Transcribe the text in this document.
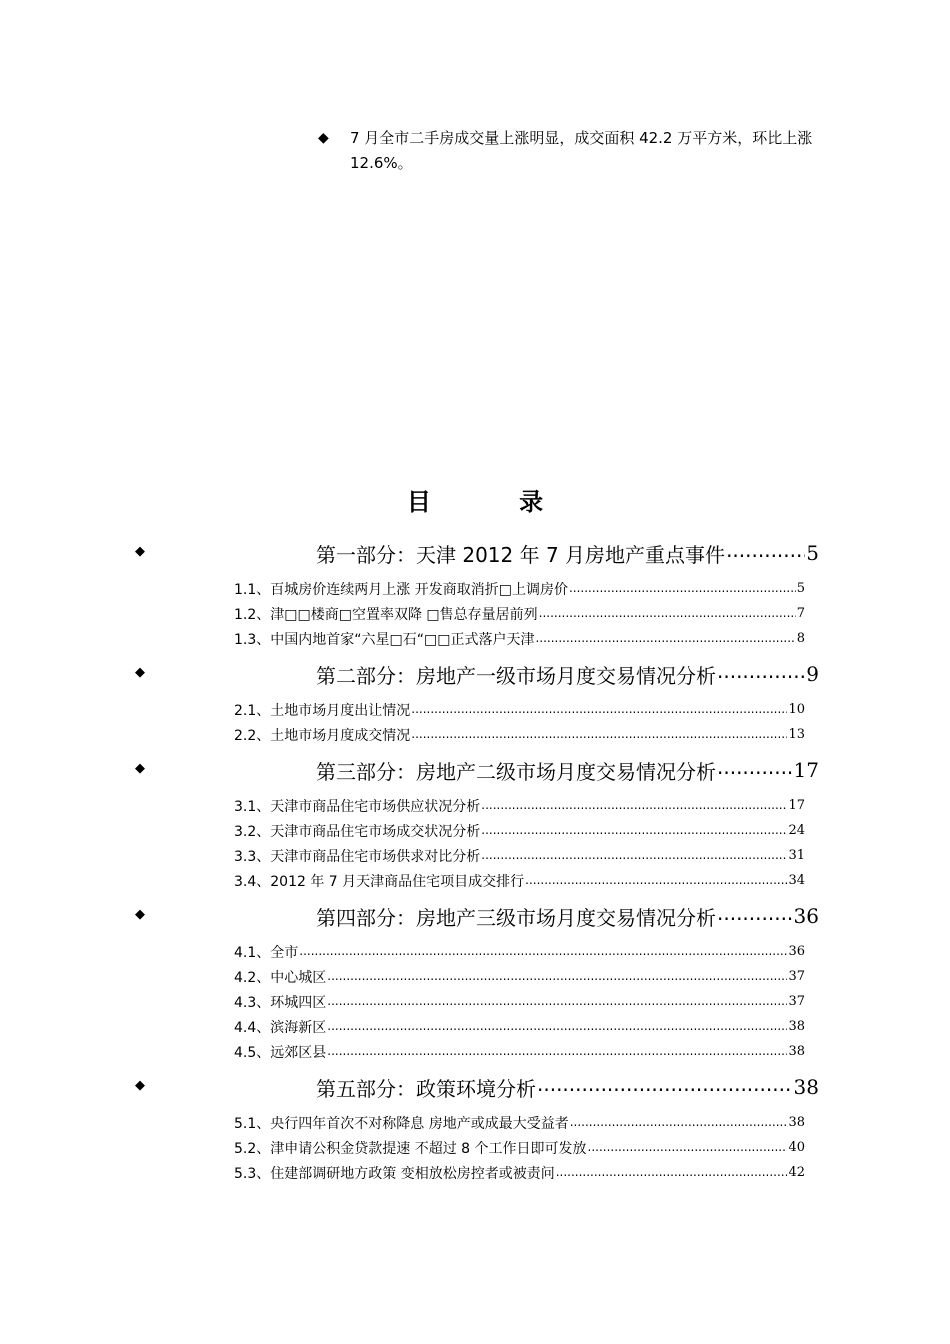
◆ 7 月全市二手房成交量上涨明显，成交面积 42.2 万平方米，环比上涨 12.6%。
目 录
◆	第一部分：天津 2012 年 7 月房地产重点事件 .....	5
1.1、百城房价连续两月上涨 开发商取消折□上调房价 .....	5
1.2、津□□楼商□空置率双降 □售总存量居前列 .....	7
1.3、中国内地首家“六星□石“□□正式落户天津 .....	8
◆	第二部分：房地产一级市场月度交易情况分析 .....	9
2.1、土地市场月度出让情况 .....	10
2.2、土地市场月度成交情况 .....	13
◆	第三部分：房地产二级市场月度交易情况分析 .....	17
3.1、天津市商品住宅市场供应状况分析 .....	17
3.2、天津市商品住宅市场成交状况分析 .....	24
3.3、天津市商品住宅市场供求对比分析 .....	31
3.4、2012 年 7 月天津商品住宅项目成交排行 .....	34
◆	第四部分：房地产三级市场月度交易情况分析 .....	36
4.1、全市 .....	36
4.2、中心城区 .....	37
4.3、环城四区 .....	37
4.4、滨海新区 .....	38
4.5、远郊区县 .....	38
◆	第五部分：政策环境分析 .....	38
5.1、央行四年首次不对称降息 房地产或成最大受益者 .....	38
5.2、津申请公积金贷款提速 不超过 8 个工作日即可发放 .....	40
5.3、住建部调研地方政策 变相放松房控者或被责问 .....	42
